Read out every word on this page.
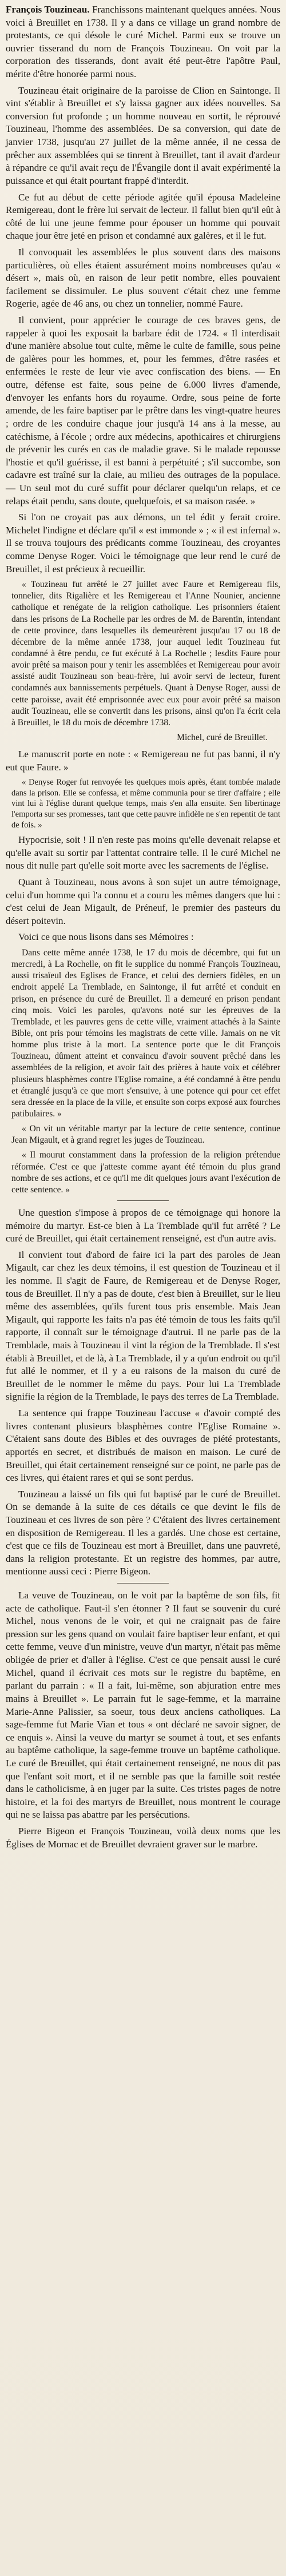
François Touzineau. Franchissons maintenant quelques années. Nous voici à Breuillet en 1738. Il y a dans ce village un grand nombre de protestants, ce qui désole le curé Michel. Parmi eux se trouve un ouvrier tisserand du nom de François Touzineau. On voit par la corporation des tisserands, dont avait été peut-être l'apôtre Paul, mérite d'être honorée parmi nous.

Touzineau était originaire de la paroisse de Clion en Saintonge. Il vint s'établir à Breuillet et s'y laissa gagner aux idées nouvelles. Sa conversion fut profonde ; un homme nouveau en sortit, le réprouvé Touzineau, l'homme des assemblées. De sa conversion, qui date de janvier 1738, jusqu'au 27 juillet de la même année, il ne cessa de prêcher aux assemblées qui se tinrent à Breuillet, tant il avait d'ardeur à répandre ce qu'il avait reçu de l'Évangile dont il avait expérimenté la puissance et qui était pourtant frappé d'interdit.

Ce fut au début de cette période agitée qu'il épousa Madeleine Remigereau, dont le frère lui servait de lecteur. Il fallut bien qu'il eût à côté de lui une jeune femme pour épouser un homme qui pouvait chaque jour être jeté en prison et condamné aux galères, et il le fut.

Il convoquait les assemblées le plus souvent dans des maisons particulières, où elles étaient assurément moins nombreuses qu'au « désert », mais où, en raison de leur petit nombre, elles pouvaient facilement se dissimuler. Le plus souvent c'était chez une femme Rogerie, agée de 46 ans, ou chez un tonnelier, nommé Faure.

Il convient, pour apprécier le courage de ces braves gens, de rappeler à quoi les exposait la barbare édit de 1724. « Il interdisait d'une manière absolue tout culte, même le culte de famille, sous peine de galères pour les hommes, et, pour les femmes, d'être rasées et enfermées le reste de leur vie avec confiscation des biens. — En outre, défense est faite, sous peine de 6.000 livres d'amende, d'envoyer les enfants hors du royaume. Ordre, sous peine de forte amende, de les faire baptiser par le prêtre dans les vingt-quatre heures ; ordre de les conduire chaque jour jusqu'à 14 ans à la messe, au catéchisme, à l'école ; ordre aux médecins, apothicaires et chirurgiens de prévenir les curés en cas de maladie grave. Si le malade repousse l'hostie et qu'il guérisse, il est banni à perpétuité ; s'il succombe, son cadavre est traîné sur la claie, au milieu des outrages de la populace. — Un seul mot du curé suffit pour déclarer quelqu'un relaps, et ce relaps était pendu, sans doute, quelquefois, et sa maison rasée. »

Si l'on ne croyait pas aux démons, un tel édit y ferait croire. Michelet l'indigne et déclare qu'il « est immonde » ; « il est infernal ». Il se trouva toujours des prédicants comme Touzineau, des croyantes comme Denyse Roger. Voici le témoignage que leur rend le curé de Breuillet, il est précieux à recueillir.

« Touzineau fut arrêté le 27 juillet avec Faure et Remigereau fils, tonnelier, dits Rigalière et les Remigereau et l'Anne Nounier, ancienne catholique et renégate de la religion catholique. Les prisonniers étaient dans les prisons de La Rochelle par les ordres de M. de Barentin, intendant de cette province, dans lesquelles ils demeurèrent jusqu'au 17 ou 18 de décembre de la même année 1738, jour auquel ledit Touzineau fut condamné à être pendu, ce fut exécuté à La Rochelle ; lesdits Faure pour avoir prêté sa maison pour y tenir les assemblées et Remigereau pour avoir assisté audit Touzineau son beau-frère, lui avoir servi de lecteur, furent condamnés aux bannissements perpétuels. Quant à Denyse Roger, aussi de cette paroisse, avait été emprisonnée avec eux pour avoir prêté sa maison audit Touzineau, elle se convertit dans les prisons, ainsi qu'on l'a écrit cela à Breuillet, le 18 du mois de décembre 1738.

Michel, curé de Breuillet.

Le manuscrit porte en note : « Remigereau ne fut pas banni, il n'y eut que Faure. »

« Denyse Roger fut renvoyée les quelques mois après, étant tombée malade dans la prison. Elle se confessa, et même communia pour se tirer d'affaire ; elle vint lui à l'église durant quelque temps, mais s'en alla ensuite. Sen libertinage l'emporta sur ses promesses, tant que cette pauvre infidèle ne s'en repentit de tant de fois. »

Hypocrisie, soit ! Il n'en reste pas moins qu'elle devenait relapse et qu'elle avait su sortir par l'attentat contraire telle. Il le curé Michel ne nous dit nulle part qu'elle soit morte avec les sacrements de l'église.

Quant à Touzineau, nous avons à son sujet un autre témoignage, celui d'un homme qui l'a connu et a couru les mêmes dangers que lui : c'est celui de Jean Migault, de Préneuf, le premier des pasteurs du désert poitevin.

Voici ce que nous lisons dans ses Mémoires :

Dans cette même année 1738, le 17 du mois de décembre, qui fut un mercredi, à La Rochelle, on fit le supplice du nommé François Touzineau, aussi trisaïeul des Eglises de France, et celui des derniers fidèles, en un endroit appelé La Tremblade, en Saintonge, il fut arrêté et conduit en prison, en présence du curé de Breuillet. Il a demeuré en prison pendant cinq mois. Voici les paroles, qu'avons noté sur les épreuves de la Tremblade, et les pauvres gens de cette ville, vraiment attachés à la Sainte Bible, ont pris pour témoins les magistrats de cette ville. Jamais on ne vit homme plus triste à la mort. La sentence porte que le dit François Touzineau, dûment atteint et convaincu d'avoir souvent prêché dans les assemblées de la religion, et avoir fait des prières à haute voix et célébrer plusieurs blasphèmes contre l'Eglise romaine, a été condamné à être pendu et étranglé jusqu'à ce que mort s'ensuive, à une potence qui pour cet effet sera dressée en la place de la ville, et ensuite son corps exposé aux fourches patibulaires. »

« On vit un véritable martyr par la lecture de cette sentence, continue Jean Migault, et à grand regret les juges de Touzineau.

« Il mourut constamment dans la profession de la religion prétendue réformée. C'est ce que j'atteste comme ayant été témoin du plus grand nombre de ses actions, et ce qu'il me dit quelques jours avant l'exécution de cette sentence. »

Une question s'impose à propos de ce témoignage qui honore la mémoire du martyr. Est-ce bien à La Tremblade qu'il fut arrêté ? Le curé de Breuillet, qui était certainement renseigné, est d'un autre avis.

Il convient tout d'abord de faire ici la part des paroles de Jean Migault, car chez les deux témoins, il est question de Touzineau et il les nomme. Il s'agit de Faure, de Remigereau et de Denyse Roger, tous de Breuillet. Il n'y a pas de doute, c'est bien à Breuillet, sur le lieu même des assemblées, qu'ils furent tous pris ensemble. Mais Jean Migault, qui rapporte les faits n'a pas été témoin de tous les faits qu'il rapporte, il connaît sur le témoignage d'autrui. Il ne parle pas de la Tremblade, mais à Touzineau il vint la région de la Tremblade. Il s'est établi à Breuillet, et de là, à La Tremblade, il y a qu'un endroit ou qu'il fut allé le nommer, et il y a eu raisons de la maison du curé de Breuillet de le nommer le même du pays. Pour lui La Tremblade signifie la région de la Tremblade, le pays des terres de La Tremblade.

La sentence qui frappe Touzineau l'accuse « d'avoir compté des livres contenant plusieurs blasphèmes contre l'Eglise Romaine ». C'étaient sans doute des Bibles et des ouvrages de piété protestants, apportés en secret, et distribués de maison en maison. Le curé de Breuillet, qui était certainement renseigné sur ce point, ne parle pas de ces livres, qui étaient rares et qui se sont perdus.

Touzineau a laissé un fils qui fut baptisé par le curé de Breuillet. On se demande à la suite de ces détails ce que devint le fils de Touzineau et ces livres de son père ? C'étaient des livres certainement en disposition de Remigereau. Il les a gardés. Une chose est certaine, c'est que ce fils de Touzineau est mort à Breuillet, dans une pauvreté, dans la religion protestante. Et un registre des hommes, par autre, mentionne aussi ceci : Pierre Bigeon.

La veuve de Touzineau, on le voit par la baptême de son fils, fit acte de catholique. Faut-il s'en étonner ? Il faut se souvenir du curé Michel, nous venons de le voir, et qui ne craignait pas de faire pression sur les gens quand on voulait faire baptiser leur enfant, et qui cette femme, veuve d'un ministre, veuve d'un martyr, n'était pas même obligée de prier et d'aller à l'église. C'est ce que pensait aussi le curé Michel, quand il écrivait ces mots sur le registre du baptême, en parlant du parrain : « Il a fait, lui-même, son abjuration entre mes mains à Breuillet ». Le parrain fut le sage-femme, et la marraine Marie-Anne Palissier, sa soeur, tous deux anciens catholiques. La sage-femme fut Marie Vian et tous « ont déclaré ne savoir signer, de ce enquis ». Ainsi la veuve du martyr se soumet à tout, et ses enfants au baptême catholique, la sage-femme trouve un baptême catholique. Le curé de Breuillet, qui était certainement renseigné, ne nous dit pas que l'enfant soit mort, et il ne semble pas que la famille soit restée dans le catholicisme, à en juger par la suite. Ces tristes pages de notre histoire, et la foi des martyrs de Breuillet, nous montrent le courage qui ne se laissa pas abattre par les persécutions.

Pierre Bigeon et François Touzineau, voilà deux noms que les Églises de Mornac et de Breuillet devraient graver sur le marbre.
